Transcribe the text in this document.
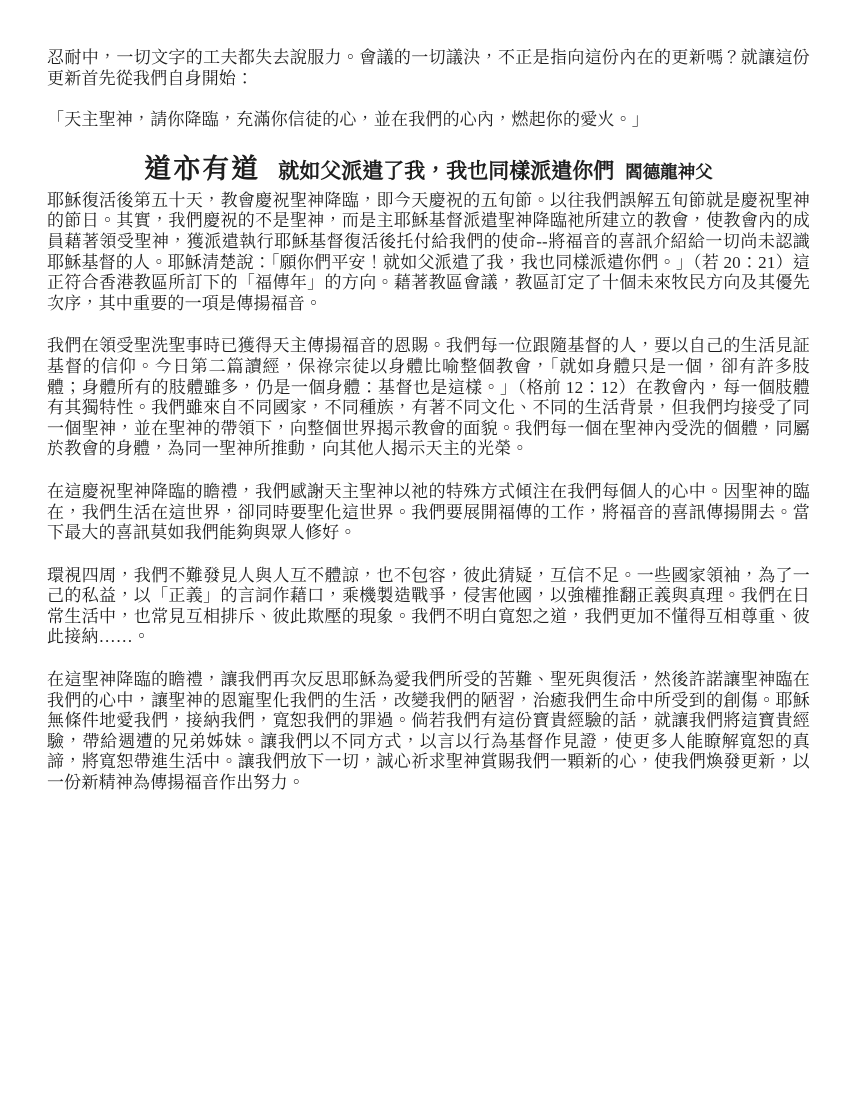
忍耐中，一切文字的工夫都失去說服力。會議的一切議決，不正是指向這份內在的更新嗎？就讓這份更新首先從我們自身開始：

「天主聖神，請你降臨，充滿你信徒的心，並在我們的心內，燃起你的愛火。」

道亦有道 就如父派遣了我，我也同樣派遣你們 閻德龍神父

耶穌復活後第五十天，教會慶祝聖神降臨，即今天慶祝的五旬節。以往我們誤解五旬節就是慶祝聖神的節日。其實，我們慶祝的不是聖神，而是主耶穌基督派遣聖神降臨祂所建立的教會，使教會內的成員藉著領受聖神，獲派遣執行耶穌基督復活後托付給我們的使命--將福音的喜訊介紹給一切尚未認識耶穌基督的人。耶穌清楚說：「願你們平安！就如父派遣了我，我也同樣派遣你們。」（若 20：21）這正符合香港教區所訂下的「福傳年」的方向。藉著教區會議，教區訂定了十個未來牧民方向及其優先次序，其中重要的一項是傳揚福音。

我們在領受聖洗聖事時已獲得天主傳揚福音的恩賜。我們每一位跟隨基督的人，要以自己的生活見証基督的信仰。今日第二篇讀經，保祿宗徒以身體比喻整個教會，「就如身體只是一個，卻有許多肢體；身體所有的肢體雖多，仍是一個身體：基督也是這樣。」（格前 12：12）在教會內，每一個肢體有其獨特性。我們雖來自不同國家，不同種族，有著不同文化、不同的生活背景，但我們均接受了同一個聖神，並在聖神的帶領下，向整個世界揭示教會的面貌。我們每一個在聖神內受洗的個體，同屬於教會的身體，為同一聖神所推動，向其他人揭示天主的光榮。

在這慶祝聖神降臨的瞻禮，我們感謝天主聖神以祂的特殊方式傾注在我們每個人的心中。因聖神的臨在，我們生活在這世界，卻同時要聖化這世界。我們要展開福傳的工作，將福音的喜訊傳揚開去。當下最大的喜訊莫如我們能夠與眾人修好。

環視四周，我們不難發見人與人互不體諒，也不包容，彼此猜疑，互信不足。一些國家領袖，為了一己的私益，以「正義」的言詞作藉口，乘機製造戰爭，侵害他國，以強權推翻正義與真理。我們在日常生活中，也常見互相排斥、彼此欺壓的現象。我們不明白寬恕之道，我們更加不懂得互相尊重、彼此接納……。

在這聖神降臨的瞻禮，讓我們再次反思耶穌為愛我們所受的苦難、聖死與復活，然後許諾讓聖神臨在我們的心中，讓聖神的恩寵聖化我們的生活，改變我們的陋習，治癒我們生命中所受到的創傷。耶穌無條件地愛我們，接納我們，寬恕我們的罪過。倘若我們有這份寶貴經驗的話，就讓我們將這寶貴經驗，帶給週遭的兄弟姊妹。讓我們以不同方式，以言以行為基督作見證，使更多人能瞭解寬恕的真諦，將寬恕帶進生活中。讓我們放下一切，誠心祈求聖神賞賜我們一顆新的心，使我們煥發更新，以一份新精神為傳揚福音作出努力。
